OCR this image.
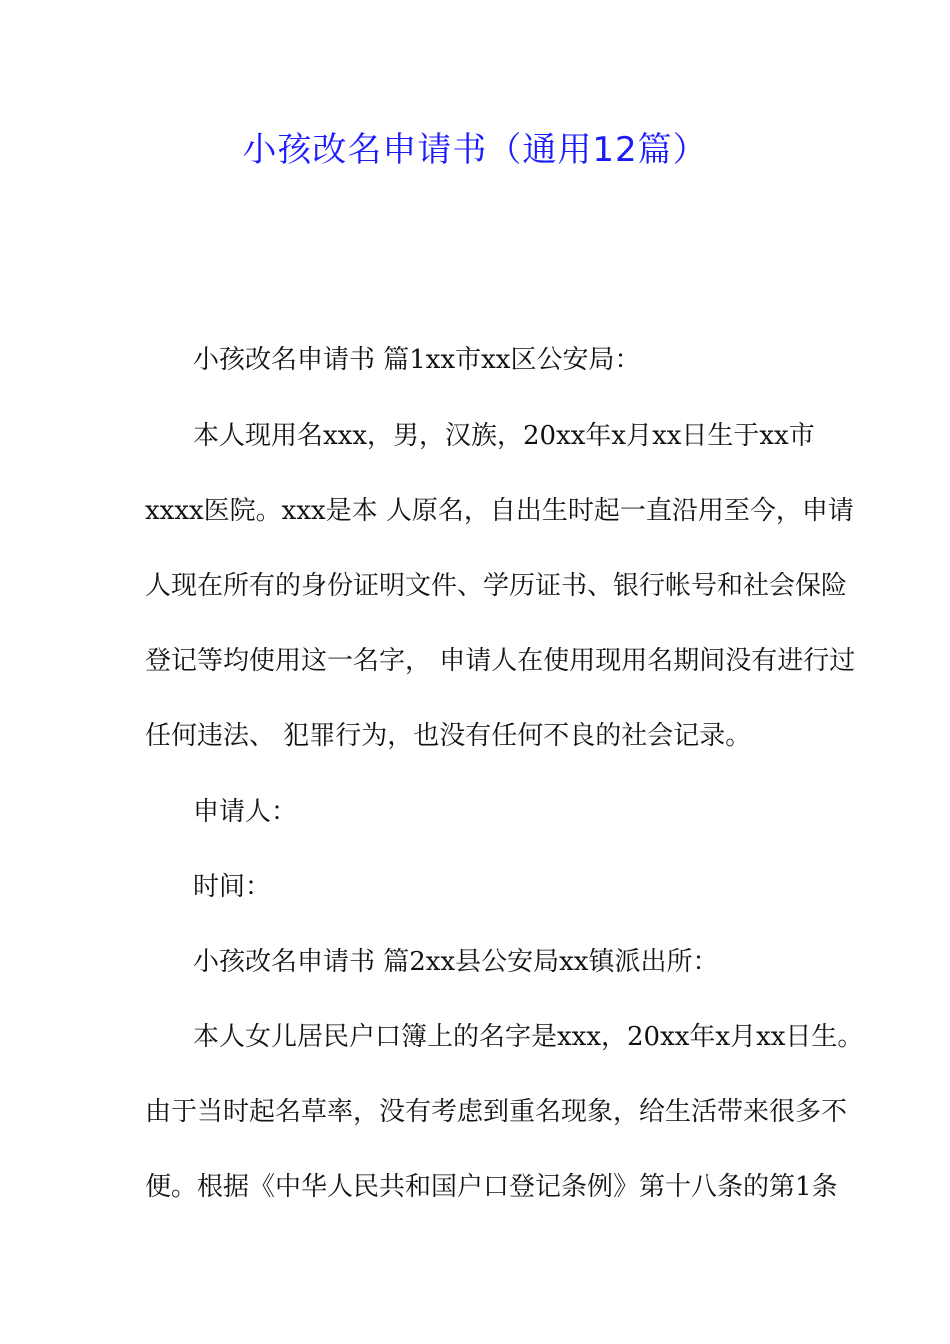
小孩改名申请书（通用12篇）

小孩改名申请书 篇1xx市xx区公安局：

本人现用名xxx，男，汉族，20xx年x月xx日生于xx市

xxxx医院。xxx是本 人原名，自出生时起一直沿用至今，申请

人现在所有的身份证明文件、学历证书、银行帐号和社会保险

登记等均使用这一名字， 申请人在使用现用名期间没有进行过

任何违法、 犯罪行为，也没有任何不良的社会记录。

申请人：

时间：

小孩改名申请书 篇2xx县公安局xx镇派出所：

本人女儿居民户口簿上的名字是xxx，20xx年x月xx日生。

由于当时起名草率，没有考虑到重名现象，给生活带来很多不

便。根据《中华人民共和国户口登记条例》第十八条的第1条
